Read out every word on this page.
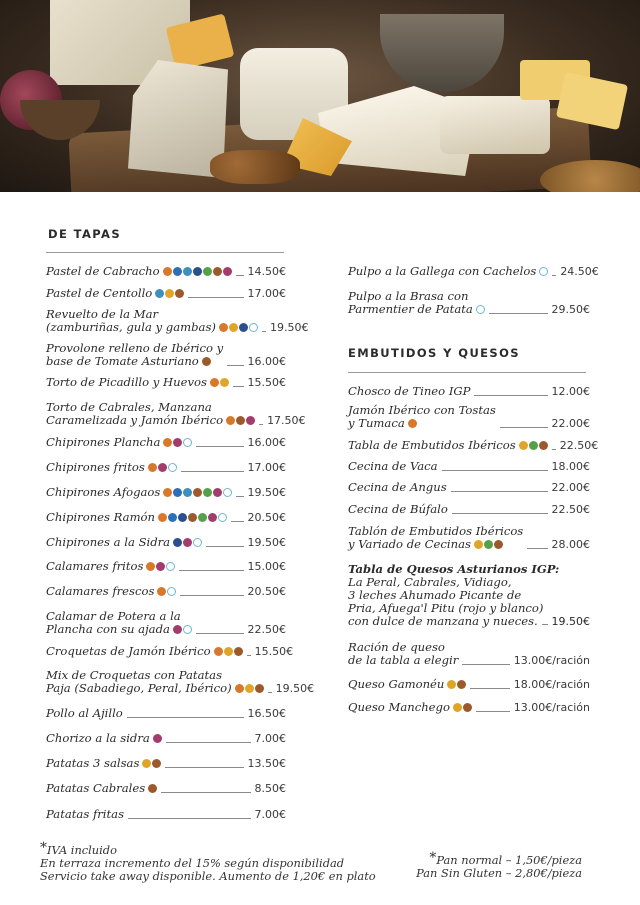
DE TAPAS
Pastel de Cabracho	14.50€
Pastel de Centollo	17.00€
Revuelto de la Mar
(zamburiñas, gula y gambas)	19.50€
Provolone relleno de Ibérico y
base de Tomate Asturiano	16.00€
Torto de Picadillo y Huevos	15.50€
Torto de Cabrales, Manzana
Caramelizada y Jamón Ibérico	17.50€
Chipirones Plancha	16.00€
Chipirones fritos	17.00€
Chipirones Afogaos	19.50€
Chipirones Ramón	20.50€
Chipirones a la Sidra	19.50€
Calamares fritos	15.00€
Calamares frescos	20.50€
Calamar de Potera a la
Plancha con su ajada	22.50€
Croquetas de Jamón Ibérico	15.50€
Mix de Croquetas con Patatas
Paja (Sabadiego, Peral, Ibérico)	19.50€
Pollo al Ajillo	16.50€
Chorizo a la sidra	7.00€
Patatas 3 salsas	13.50€
Patatas Cabrales	8.50€
Patatas fritas	7.00€
EMBUTIDOS Y QUESOS
Tabla de Quesos Asturianos IGP:
La Peral, Cabrales, Vidiago,
3 leches Ahumado Picante de
Pria, Afuega'l Pitu (rojo y blanco)
con dulce de manzana y nueces. 19.50€
Pulpo a la Gallega con Cachelos 24.50€
Pulpo a la Brasa con
Parmentier de Patata	29.50€
Chosco de Tineo IGP	12.00€
Jamón Ibérico con Tostas
y Tumaca	22.00€
Tabla de Embutidos Ibéricos	22.50€
Cecina de Vaca	18.00€
Cecina de Angus	22.00€
Cecina de Búfalo	22.50€
Tablón de Embutidos Ibéricos
y Variado de Cecinas	28.00€
Ración de queso
de la tabla a elegir	13.00€/ración
Queso Gamonéu	18.00€/ración
Queso Manchego	13.00€/ración
*IVA incluido
En terraza incremento del 15% según disponibilidad
Servicio take away disponible. Aumento de 1,20€ en plato
*Pan normal – 1,50€/pieza
Pan Sin Gluten – 2,80€/pieza
